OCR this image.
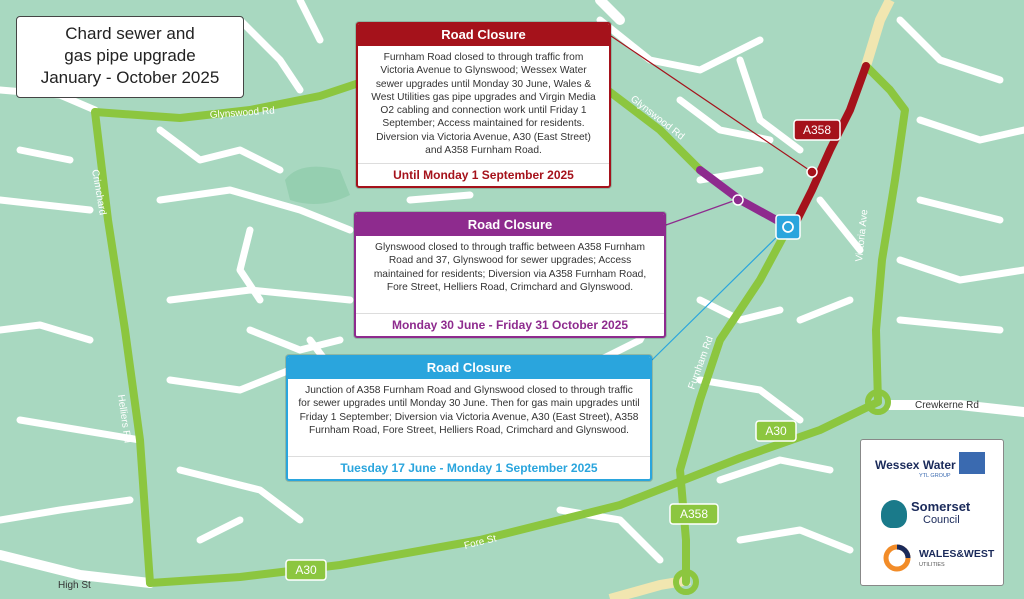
Glynswood Rd	Glynswood Rd
Crimchard
Helliers Rd
Furnham Rd
Victoria Ave
Crewkerne Rd
Fore St
High St
A358
A30
A358
A30
Chard sewer and
gas pipe upgrade
January - October 2025
Road Closure
Furnham Road closed to through traffic from Victoria Avenue to Glynswood; Wessex Water sewer upgrades until Monday 30 June, Wales & West Utilities gas pipe upgrades and Virgin Media O2 cabling and connection work until Friday 1 September; Access maintained for residents. Diversion via Victoria Avenue, A30 (East Street) and A358 Furnham Road.
Until Monday 1 September 2025
Road Closure
Glynswood closed to through traffic between A358 Furnham Road and 37, Glynswood for sewer upgrades; Access maintained for residents; Diversion via A358 Furnham Road, Fore Street, Helliers Road, Crimchard and Glynswood.
Monday 30 June - Friday 31 October 2025
Road Closure
Junction of A358 Furnham Road and Glynswood closed to through traffic for sewer upgrades until Monday 30 June. Then for gas main upgrades until Friday 1 September; Diversion via Victoria Avenue, A30 (East Street), A358 Furnham Road, Fore Street, Helliers Road, Crimchard and Glynswood.
Tuesday 17 June - Monday 1 September 2025	Wessex Water
YTL GROUP
Somerset
Council
WALES&WEST
UTILITIES
